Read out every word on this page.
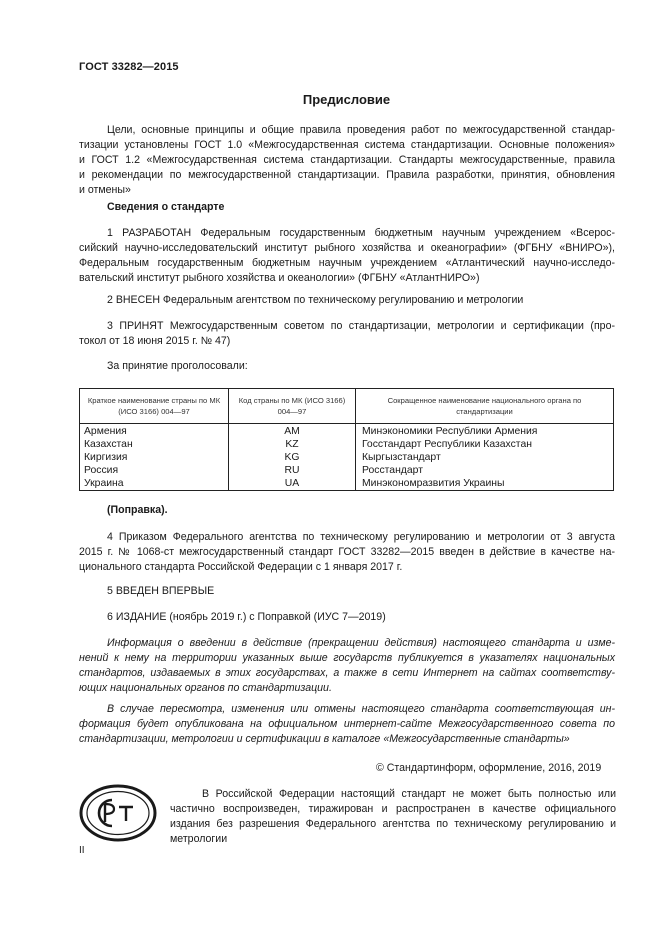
ГОСТ 33282—2015
Предисловие
Цели, основные принципы и общие правила проведения работ по межгосударственной стандар-
тизации установлены ГОСТ 1.0 «Межгосударственная система стандартизации. Основные положения»
и ГОСТ 1.2 «Межгосударственная система стандартизации. Стандарты межгосударственные, правила
и рекомендации по межгосударственной стандартизации. Правила разработки, принятия, обновления
и отмены»
Сведения о стандарте
1 РАЗРАБОТАН Федеральным государственным бюджетным научным учреждением «Всерос-
сийский научно-исследовательский институт рыбного хозяйства и океанографии» (ФГБНУ «ВНИРО»),
Федеральным государственным бюджетным научным учреждением «Атлантический научно-исследо-
вательский институт рыбного хозяйства и океанологии» (ФГБНУ «АтлантНИРО»)
2 ВНЕСЕН Федеральным агентством по техническому регулированию и метрологии
3 ПРИНЯТ Межгосударственным советом по стандартизации, метрологии и сертификации (про-
токол от 18 июня 2015 г. № 47)
За принятие проголосовали:
Краткое наименование страны по МК (ИСО 3166) 004—97	Код страны по МК (ИСО 3166) 004—97	Сокращенное наименование национального органа по стандартизации
Армения	AM	Минэкономики Республики Армения
Казахстан	KZ	Госстандарт Республики Казахстан
Киргизия	KG	Кыргызстандарт
Россия	RU	Росстандарт
Украина	UA	Минэкономразвития Украины
(Поправка).
4 Приказом Федерального агентства по техническому регулированию и метрологии от 3 августа
2015 г. № 1068-ст межгосударственный стандарт ГОСТ 33282—2015 введен в действие в качестве на-
ционального стандарта Российской Федерации с 1 января 2017 г.
5 ВВЕДЕН ВПЕРВЫЕ
6 ИЗДАНИЕ (ноябрь 2019 г.) с Поправкой (ИУС 7—2019)
Информация о введении в действие (прекращении действия) настоящего стандарта и изме-
нений к нему на территории указанных выше государств публикуется в указателях национальных
стандартов, издаваемых в этих государствах, а также в сети Интернет на сайтах соответству-
ющих национальных органов по стандартизации.
В случае пересмотра, изменения или отмены настоящего стандарта соответствующая ин-
формация будет опубликована на официальном интернет-сайте Межгосударственного совета по
стандартизации, метрологии и сертификации в каталоге «Межгосударственные стандарты»
© Стандартинформ, оформление, 2016, 2019
В Российской Федерации настоящий стандарт не может быть полностью или
частично воспроизведен, тиражирован и распространен в качестве официального
издания без разрешения Федерального агентства по техническому регулированию и
метрологии
II
